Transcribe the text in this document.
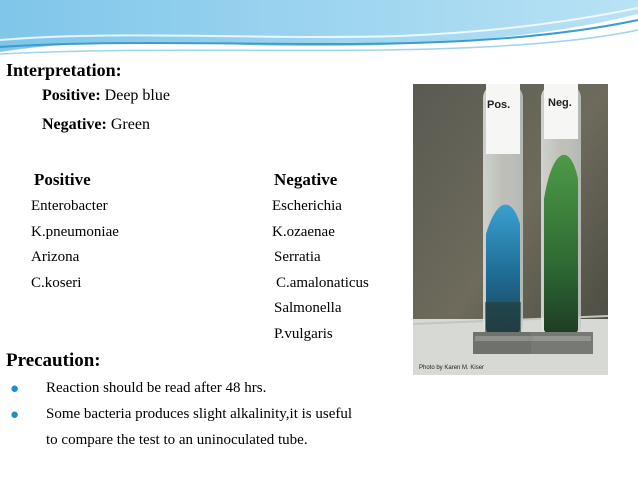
Interpretation:
Positive: Deep blue
Negative: Green
Positive	Negative
Enterobacter
K.pneumoniae
Arizona
C.koseri
Escherichia
K.ozaenae
Serratia
C.amalonaticus
Salmonella
P.vulgaris
Precaution:
● Reaction should be read after 48 hrs.
● Some bacteria produces slight alkalinity,it is useful
to compare the test to an uninoculated tube.
Pos.	Neg.
Photo by Karen M. Kiser
